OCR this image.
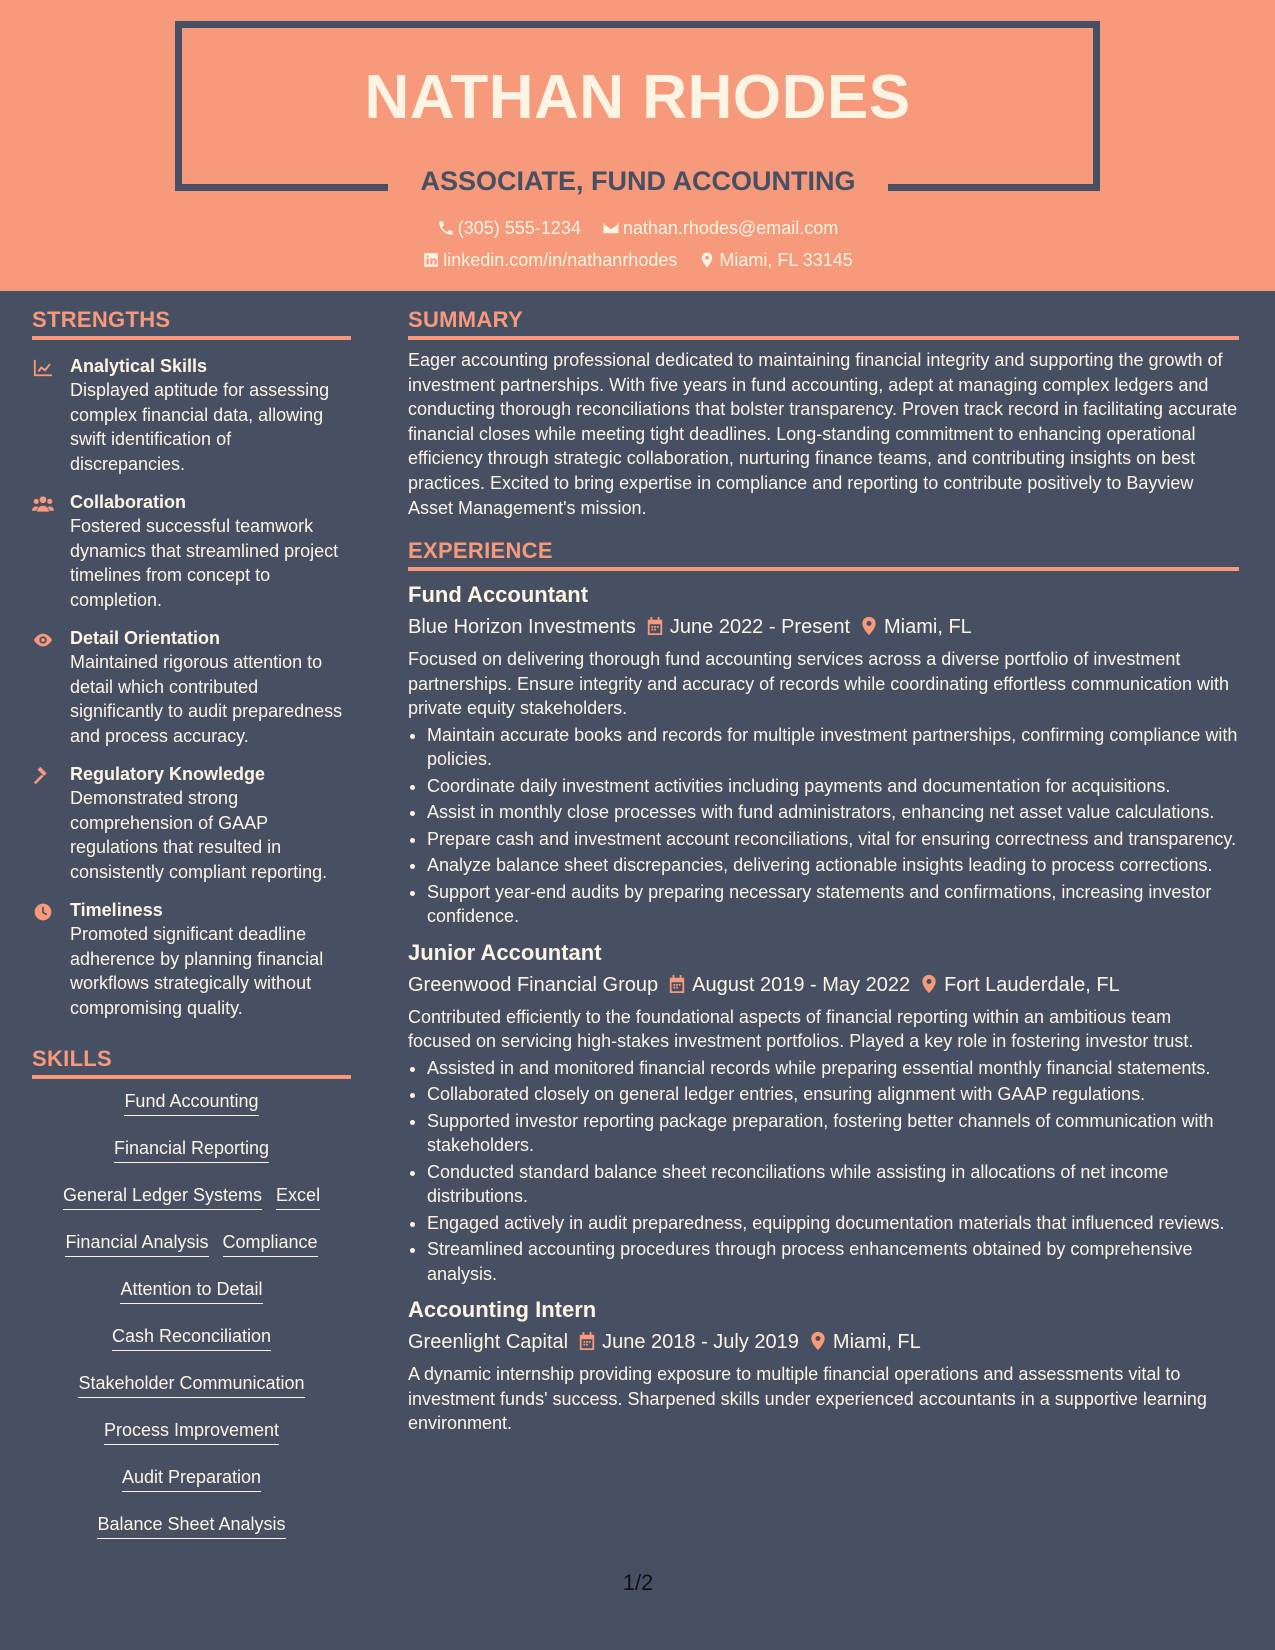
NATHAN RHODES
ASSOCIATE, FUND ACCOUNTING
(305) 555-1234 nathan.rhodes@email.com
linkedin.com/in/nathanrhodes Miami, FL 33145
STRENGTHS
Analytical Skills
Displayed aptitude for assessing complex financial data, allowing swift identification of discrepancies.
Collaboration
Fostered successful teamwork dynamics that streamlined project timelines from concept to completion.
Detail Orientation
Maintained rigorous attention to detail which contributed significantly to audit preparedness and process accuracy.
Regulatory Knowledge
Demonstrated strong comprehension of GAAP regulations that resulted in consistently compliant reporting.
Timeliness
Promoted significant deadline adherence by planning financial workflows strategically without compromising quality.
SKILLS
Fund Accounting
Financial Reporting
General Ledger Systems Excel
Financial Analysis Compliance
Attention to Detail
Cash Reconciliation
Stakeholder Communication
Process Improvement
Audit Preparation
Balance Sheet Analysis
SUMMARY
Eager accounting professional dedicated to maintaining financial integrity and supporting the growth of investment partnerships. With five years in fund accounting, adept at managing complex ledgers and conducting thorough reconciliations that bolster transparency. Proven track record in facilitating accurate financial closes while meeting tight deadlines. Long-standing commitment to enhancing operational efficiency through strategic collaboration, nurturing finance teams, and contributing insights on best practices. Excited to bring expertise in compliance and reporting to contribute positively to Bayview Asset Management's mission.
EXPERIENCE
Fund Accountant
Blue Horizon Investments June 2022 - Present Miami, FL
Focused on delivering thorough fund accounting services across a diverse portfolio of investment partnerships. Ensure integrity and accuracy of records while coordinating effortless communication with private equity stakeholders.
• Maintain accurate books and records for multiple investment partnerships, confirming compliance with policies.
• Coordinate daily investment activities including payments and documentation for acquisitions.
• Assist in monthly close processes with fund administrators, enhancing net asset value calculations.
• Prepare cash and investment account reconciliations, vital for ensuring correctness and transparency.
• Analyze balance sheet discrepancies, delivering actionable insights leading to process corrections.
• Support year-end audits by preparing necessary statements and confirmations, increasing investor confidence.
Junior Accountant
Greenwood Financial Group August 2019 - May 2022 Fort Lauderdale, FL
Contributed efficiently to the foundational aspects of financial reporting within an ambitious team focused on servicing high-stakes investment portfolios. Played a key role in fostering investor trust.
• Assisted in and monitored financial records while preparing essential monthly financial statements.
• Collaborated closely on general ledger entries, ensuring alignment with GAAP regulations.
• Supported investor reporting package preparation, fostering better channels of communication with stakeholders.
• Conducted standard balance sheet reconciliations while assisting in allocations of net income distributions.
• Engaged actively in audit preparedness, equipping documentation materials that influenced reviews.
• Streamlined accounting procedures through process enhancements obtained by comprehensive analysis.
Accounting Intern
Greenlight Capital June 2018 - July 2019 Miami, FL
A dynamic internship providing exposure to multiple financial operations and assessments vital to investment funds' success. Sharpened skills under experienced accountants in a supportive learning environment.
1/2
